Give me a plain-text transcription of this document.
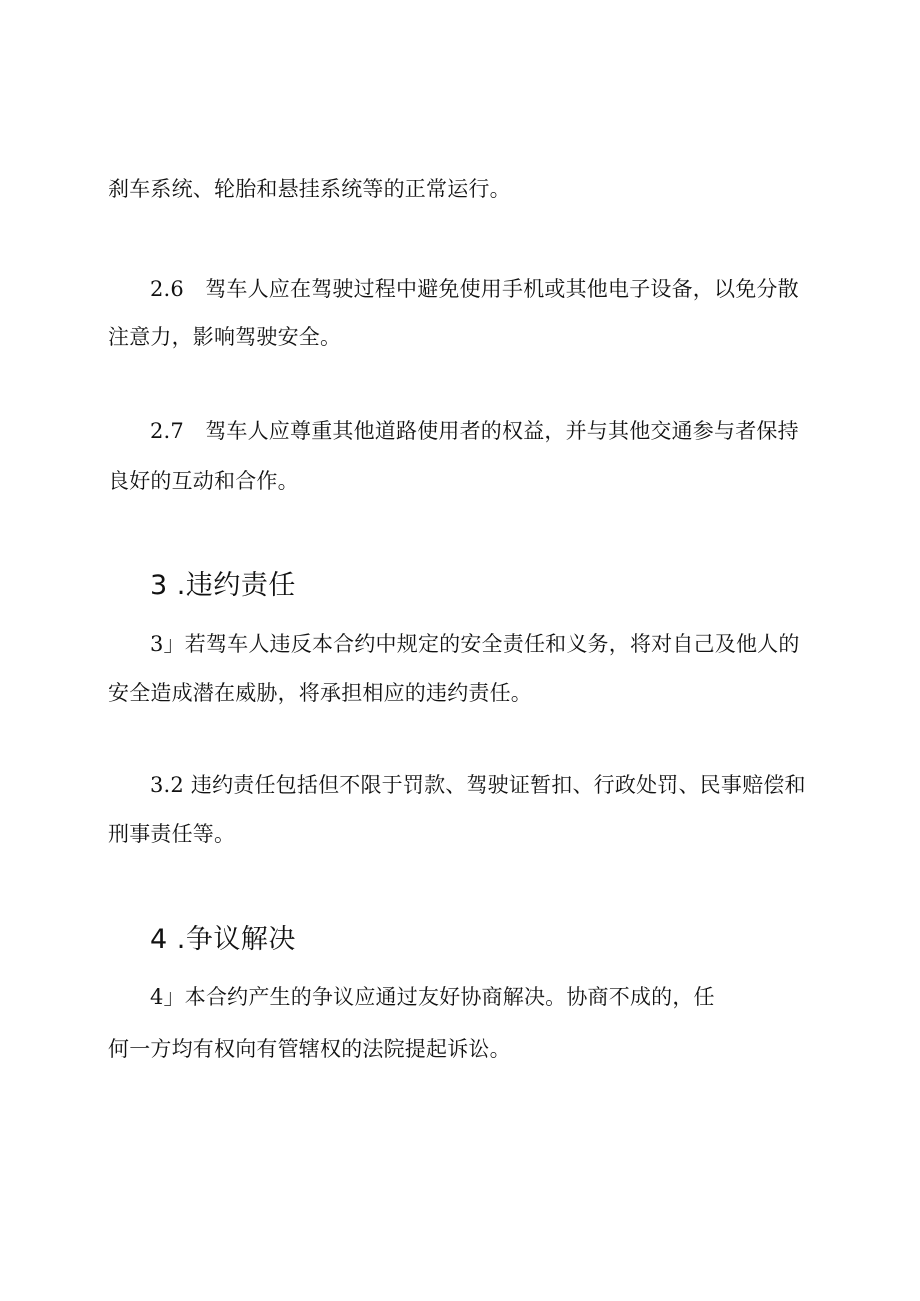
刹车系统、轮胎和悬挂系统等的正常运行。
2.6　驾车人应在驾驶过程中避免使用手机或其他电子设备，以免分散
注意力，影响驾驶安全。
2.7　驾车人应尊重其他道路使用者的权益，并与其他交通参与者保持
良好的互动和合作。
3 .违约责任
3」若驾车人违反本合约中规定的安全责任和义务，将对自己及他人的
安全造成潜在威胁，将承担相应的违约责任。
3.2 违约责任包括但不限于罚款、驾驶证暂扣、行政处罚、民事赔偿和
刑事责任等。
4 .争议解决
4」本合约产生的争议应通过友好协商解决。协商不成的，任
何一方均有权向有管辖权的法院提起诉讼。
